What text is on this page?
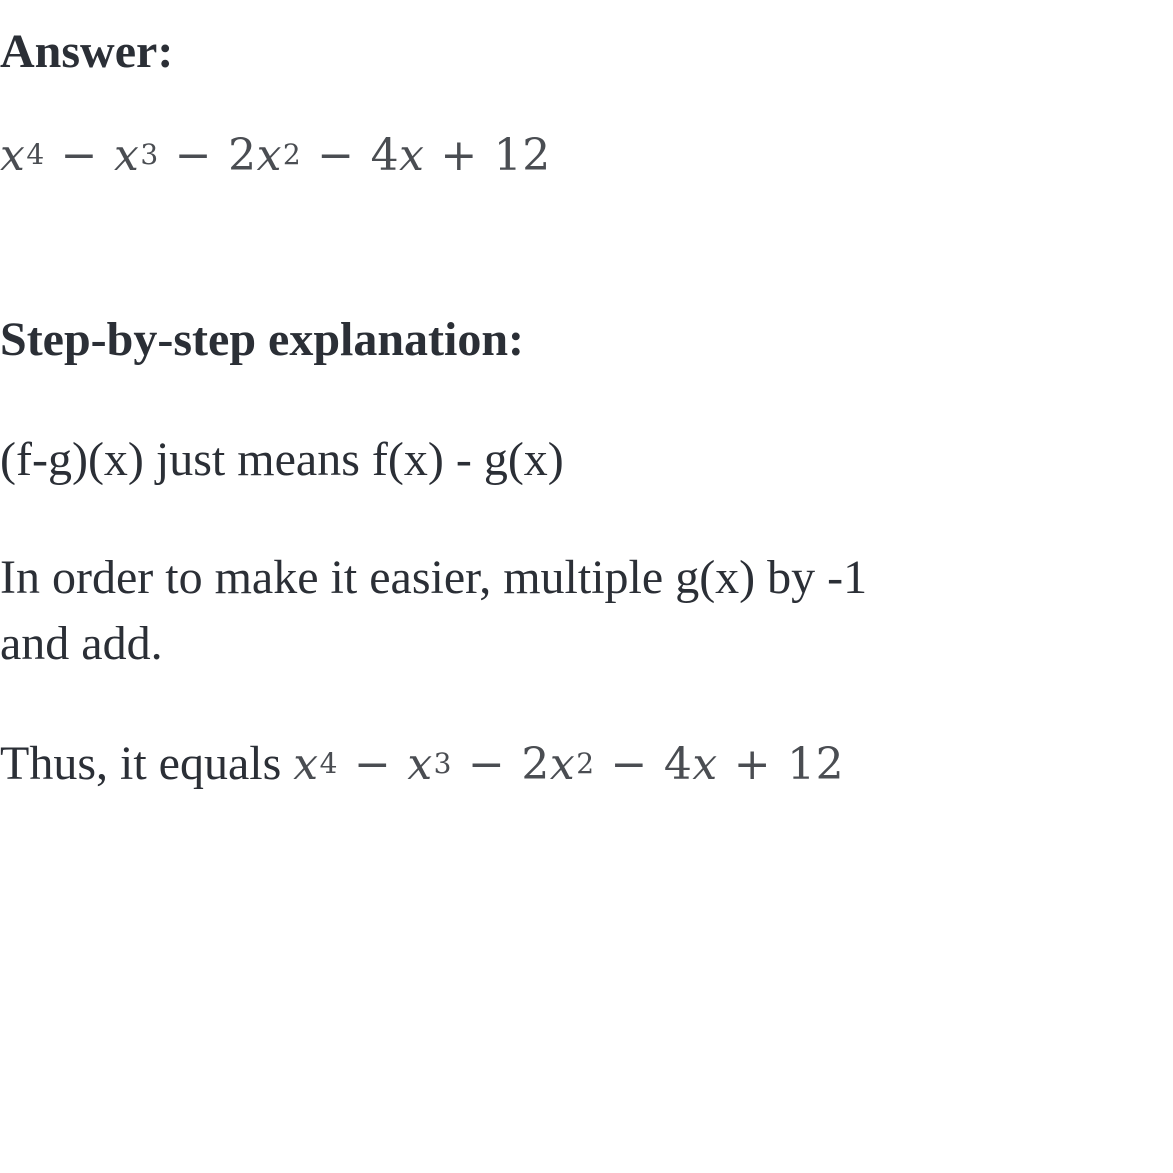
Answer:
$x^4 - x^3 - 2$ $x^2 - 4$ x + 12
Step-by-step explanation:
(f-g)(x) just means f(x) - g(x)
In order to make it easier, multiple g(x) by -1
and add.
Thus, it equals $x^4 - x^3 - 2$ $x^2 - 4$ x + 12
